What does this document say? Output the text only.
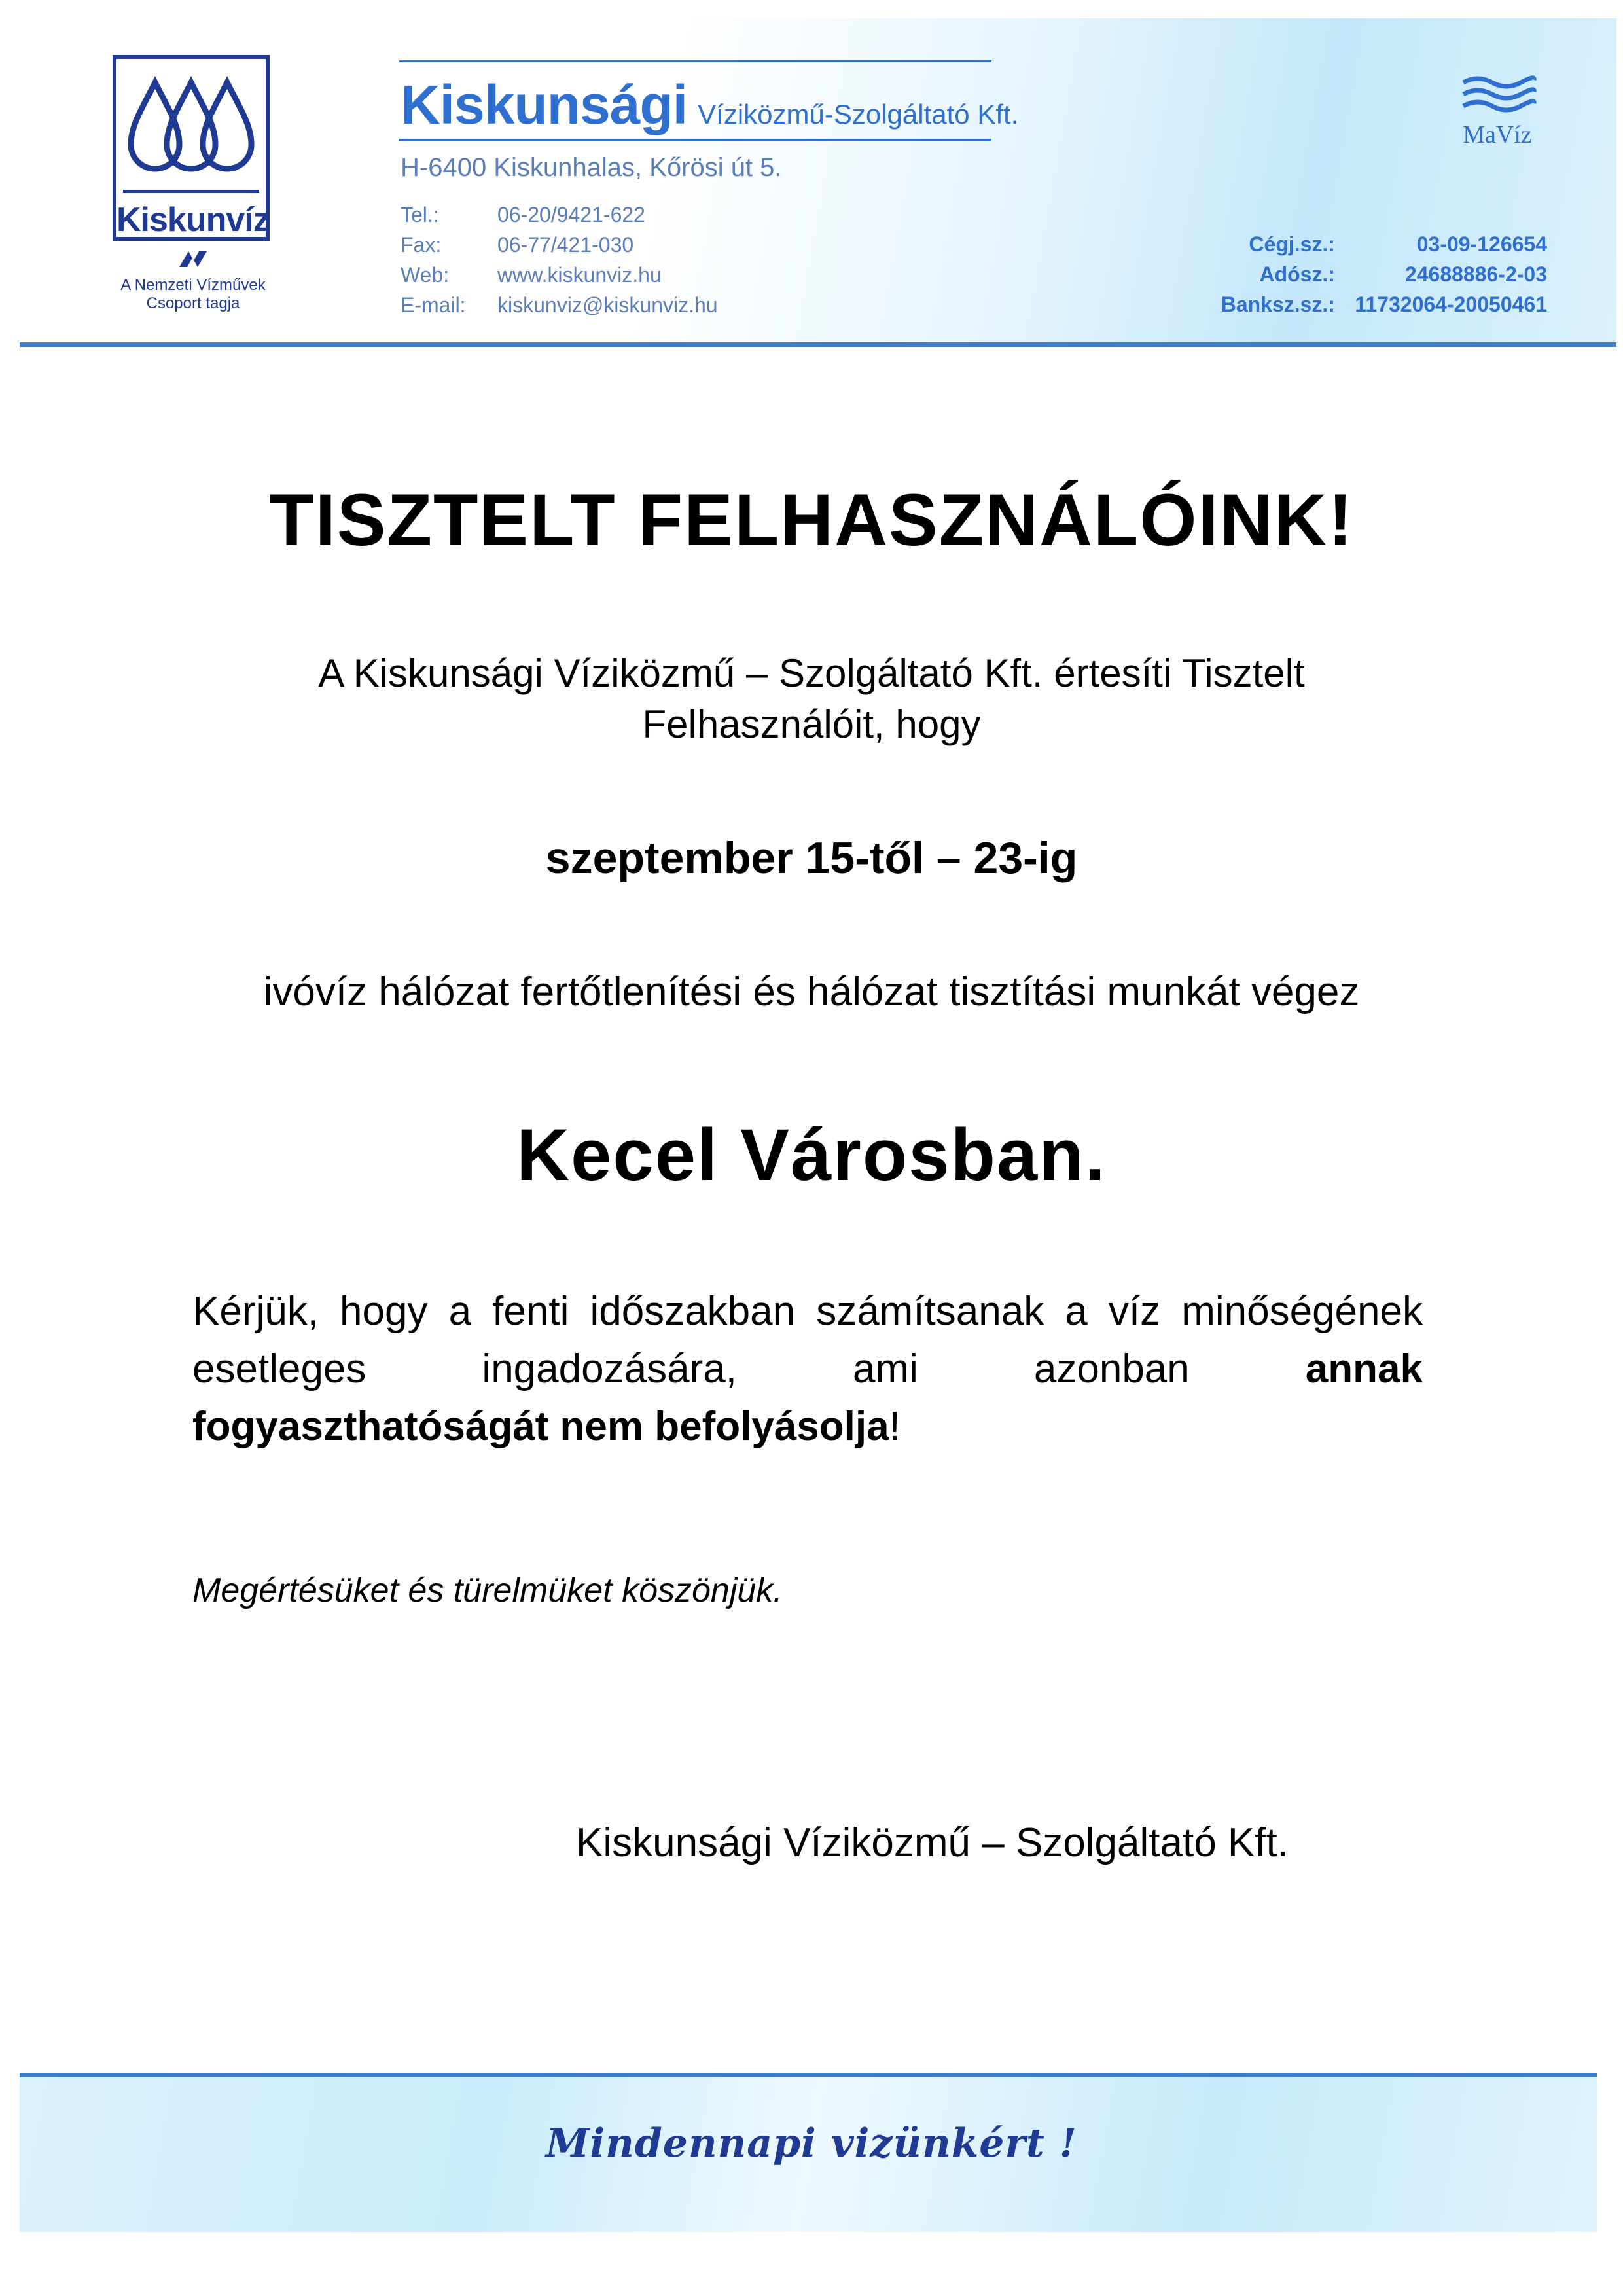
Kiskunvíz
A Nemzeti Vízművek
Csoport tagja
Kiskunsági Víziközmű-Szolgáltató Kft.
H-6400 Kiskunhalas, Kőrösi út 5.
Tel.:	06-20/9421-622
Fax:	06-77/421-030
Web:	www.kiskunviz.hu
E-mail:	kiskunviz@kiskunviz.hu
MaVíz
Cégj.sz.:	03-09-126654
Adósz.:	24688886-2-03
Banksz.sz.: 11732064-20050461
TISZTELT FELHASZNÁLÓINK!
A Kiskunsági Víziközmű – Szolgáltató Kft. értesíti Tisztelt Felhasználóit, hogy
szeptember 15-től – 23-ig
ivóvíz hálózat fertőtlenítési és hálózat tisztítási munkát végez
Kecel Városban.
Kérjük, hogy a fenti időszakban számítsanak a víz minőségének
esetleges ingadozására, ami azonban	annak
fogyaszthatóságát nem befolyásolja!
Megértésüket és türelmüket köszönjük.
Kiskunsági Víziközmű – Szolgáltató Kft.
Mindennapi vizünkért !
